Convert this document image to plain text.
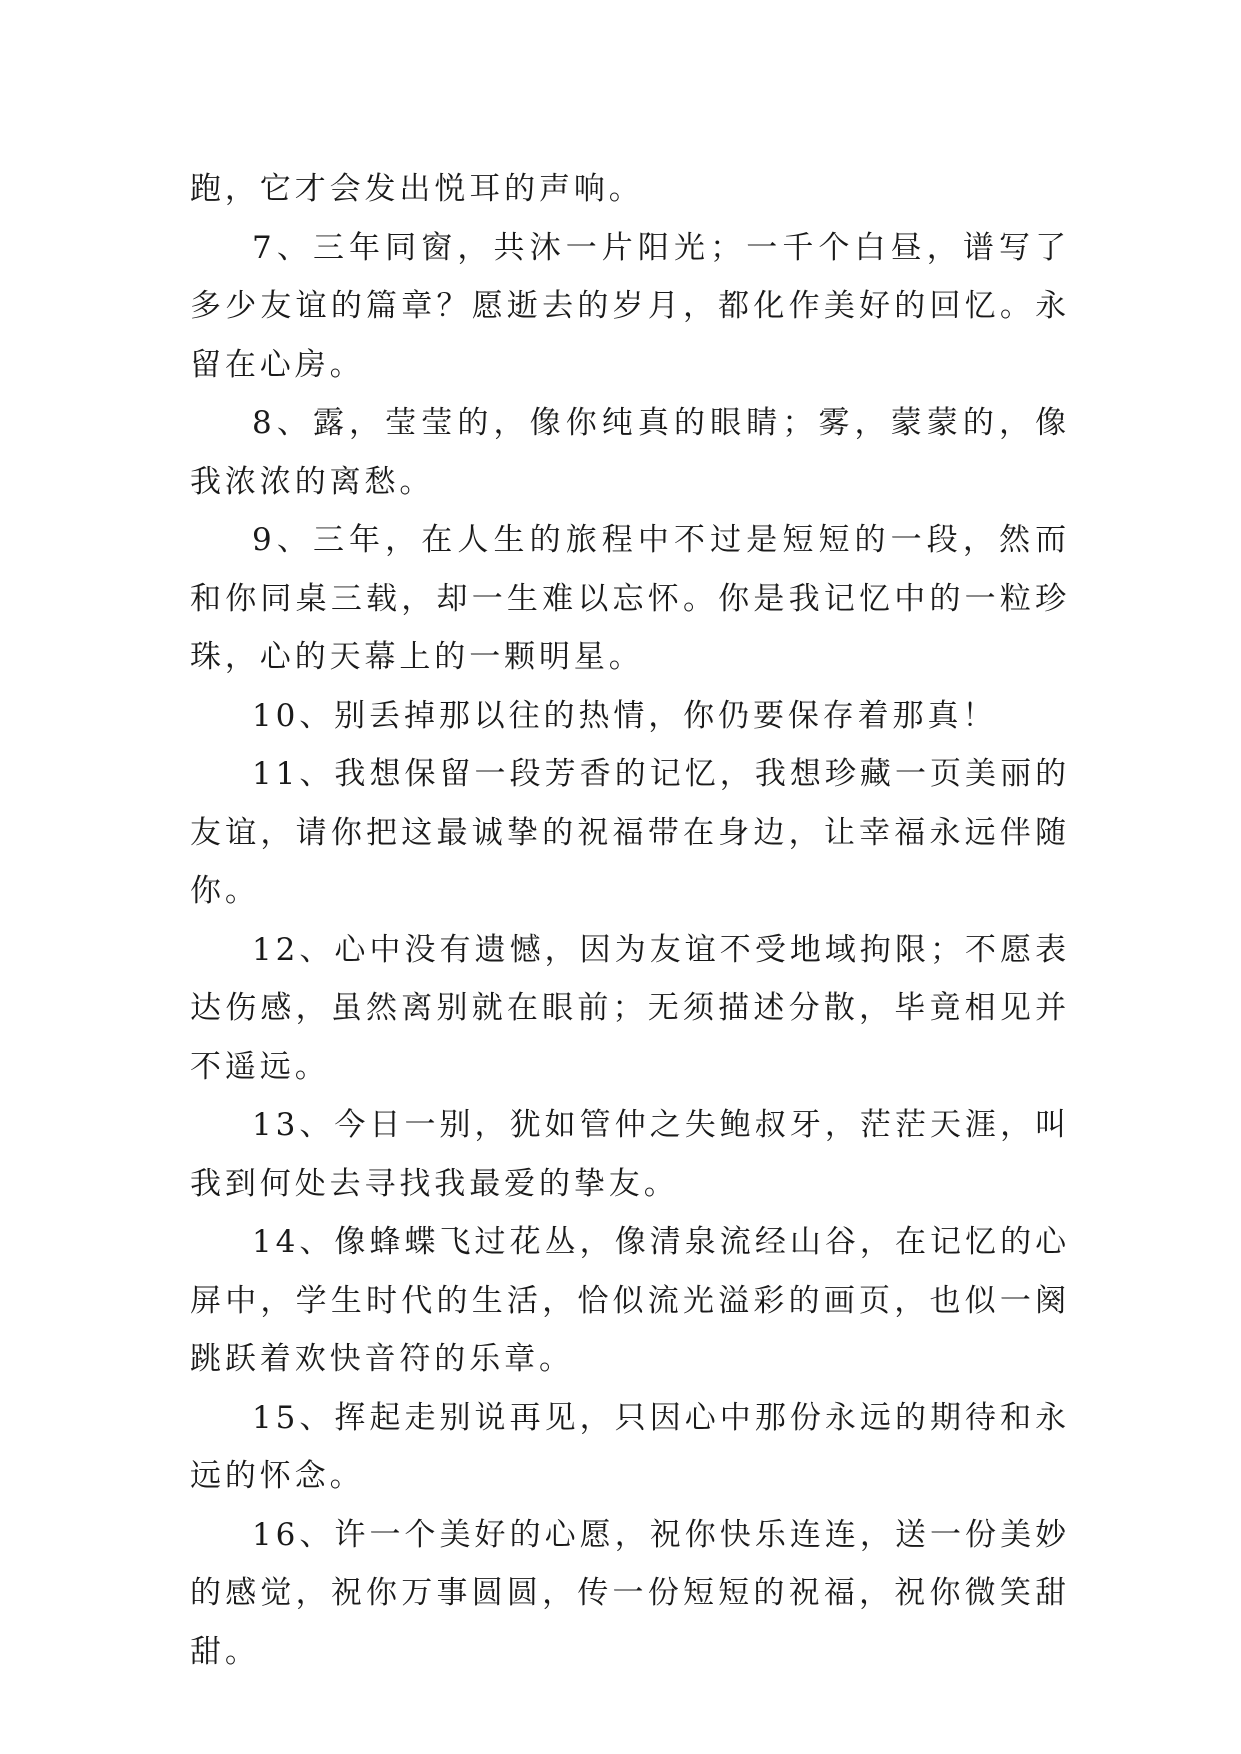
跑，它才会发出悦耳的声响。

7、三年同窗，共沐一片阳光；一千个白昼，谱写了多少友谊的篇章？愿逝去的岁月，都化作美好的回忆。永留在心房。

8、露，莹莹的，像你纯真的眼睛；雾，蒙蒙的，像我浓浓的离愁。

9、三年，在人生的旅程中不过是短短的一段，然而和你同桌三载，却一生难以忘怀。你是我记忆中的一粒珍珠，心的天幕上的一颗明星。

10、别丢掉那以往的热情，你仍要保存着那真！

11、我想保留一段芳香的记忆，我想珍藏一页美丽的友谊，请你把这最诚挚的祝福带在身边，让幸福永远伴随你。

12、心中没有遗憾，因为友谊不受地域拘限；不愿表达伤感，虽然离别就在眼前；无须描述分散，毕竟相见并不遥远。

13、今日一别，犹如管仲之失鲍叔牙，茫茫天涯，叫我到何处去寻找我最爱的挚友。

14、像蜂蝶飞过花丛，像清泉流经山谷，在记忆的心屏中，学生时代的生活，恰似流光溢彩的画页，也似一阕跳跃着欢快音符的乐章。

15、挥起走别说再见，只因心中那份永远的期待和永远的怀念。

16、许一个美好的心愿，祝你快乐连连，送一份美妙的感觉，祝你万事圆圆，传一份短短的祝福，祝你微笑甜甜。
